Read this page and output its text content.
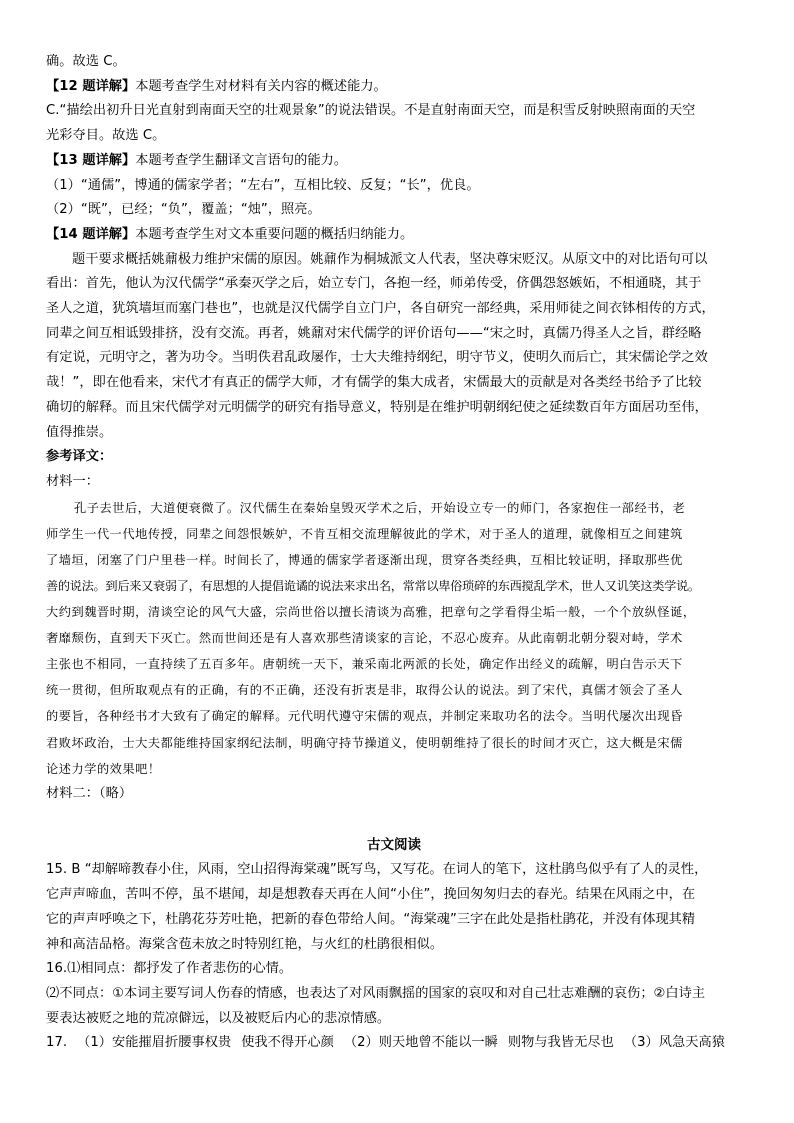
确。故选 C。
【12 题详解】本题考查学生对材料有关内容的概述能力。
C.“描绘出初升日光直射到南面天空的壮观景象”的说法错误。不是直射南面天空，而是积雪反射映照南面的天空
光彩夺目。故选 C。
【13 题详解】本题考查学生翻译文言语句的能力。
（1）“通儒”，博通的儒家学者；“左右”，互相比较、反复；“长”，优良。
（2）“既”，已经；“负”，覆盖；“烛”，照亮。
【14 题详解】本题考查学生对文本重要问题的概括归纳能力。
题干要求概括姚鼐极力维护宋儒的原因。姚鼐作为桐城派文人代表，坚决尊宋贬汉。从原文中的对比语句可以
看出：首先，他认为汉代儒学“承秦灭学之后，始立专门，各抱一经，师弟传受，侪偶怨怒嫉妬，不相通晓，其于
圣人之道，犹筑墙垣而塞门巷也”，也就是汉代儒学自立门户，各自研究一部经典，采用师徒之间衣钵相传的方式，
同辈之间互相诋毁排挤，没有交流。再者，姚鼐对宋代儒学的评价语句——“宋之时，真儒乃得圣人之旨，群经略
有定说，元明守之，著为功令。当明佚君乱政屡作，士大夫维持纲纪，明守节义，使明久而后亡，其宋儒论学之效
哉！”，即在他看来，宋代才有真正的儒学大师，才有儒学的集大成者，宋儒最大的贡献是对各类经书给予了比较
确切的解释。而且宋代儒学对元明儒学的研究有指导意义，特别是在维护明朝纲纪使之延续数百年方面居功至伟，
值得推崇。
参考译文：
材料一：
孔子去世后，大道便衰微了。汉代儒生在秦始皇毁灭学术之后，开始设立专一的师门，各家抱住一部经书，老
师学生一代一代地传授，同辈之间怨恨嫉妒，不肯互相交流理解彼此的学术，对于圣人的道理，就像相互之间建筑
了墙垣，闭塞了门户里巷一样。时间长了，博通的儒家学者逐渐出现，贯穿各类经典，互相比较证明，择取那些优
善的说法。到后来又衰弱了，有思想的人提倡诡谲的说法来求出名，常常以卑俗琐碎的东西搅乱学术，世人又讥笑这类学说。
大约到魏晋时期，清谈空论的风气大盛，宗尚世俗以擅长清谈为高雅，把章句之学看得尘垢一般，一个个放纵怪诞，
奢靡颓伤，直到天下灭亡。然而世间还是有人喜欢那些清谈家的言论，不忍心废弃。从此南朝北朝分裂对峙，学术
主张也不相同，一直持续了五百多年。唐朝统一天下，兼采南北两派的长处，确定作出经义的疏解，明白告示天下
统一贯彻，但所取观点有的正确，有的不正确，还没有折衷是非，取得公认的说法。到了宋代，真儒才领会了圣人
的要旨，各种经书才大致有了确定的解释。元代明代遵守宋儒的观点，并制定来取功名的法令。当明代屡次出现昏
君败坏政治，士大夫都能维持国家纲纪法制，明确守持节操道义，使明朝维持了很长的时间才灭亡，这大概是宋儒
论述力学的效果吧！
材料二：（略）
古文阅读
15. B “却解啼教春小住，风雨，空山招得海棠魂”既写鸟，又写花。在词人的笔下，这杜鹃鸟似乎有了人的灵性，
它声声啼血，苦叫不停，虽不堪闻，却是想教春天再在人间“小住”，挽回匆匆归去的春光。结果在风雨之中，在
它的声声呼唤之下，杜鹃花芬芳吐艳，把新的春色带给人间。“海棠魂”三字在此处是指杜鹃花，并没有体现其精
神和高洁品格。海棠含苞未放之时特别红艳，与火红的杜鹃很相似。
16.⑴相同点：都抒发了作者悲伤的心情。
⑵不同点：①本词主要写词人伤春的情感，也表达了对风雨飘摇的国家的哀叹和对自己壮志难酬的哀伤；②白诗主
要表达被贬之地的荒凉僻远，以及被贬后内心的悲凉情感。
17. （1）安能摧眉折腰事权贵 使我不得开心颜 （2）则天地曾不能以一瞬 则物与我皆无尽也 （3）风急天高猿
